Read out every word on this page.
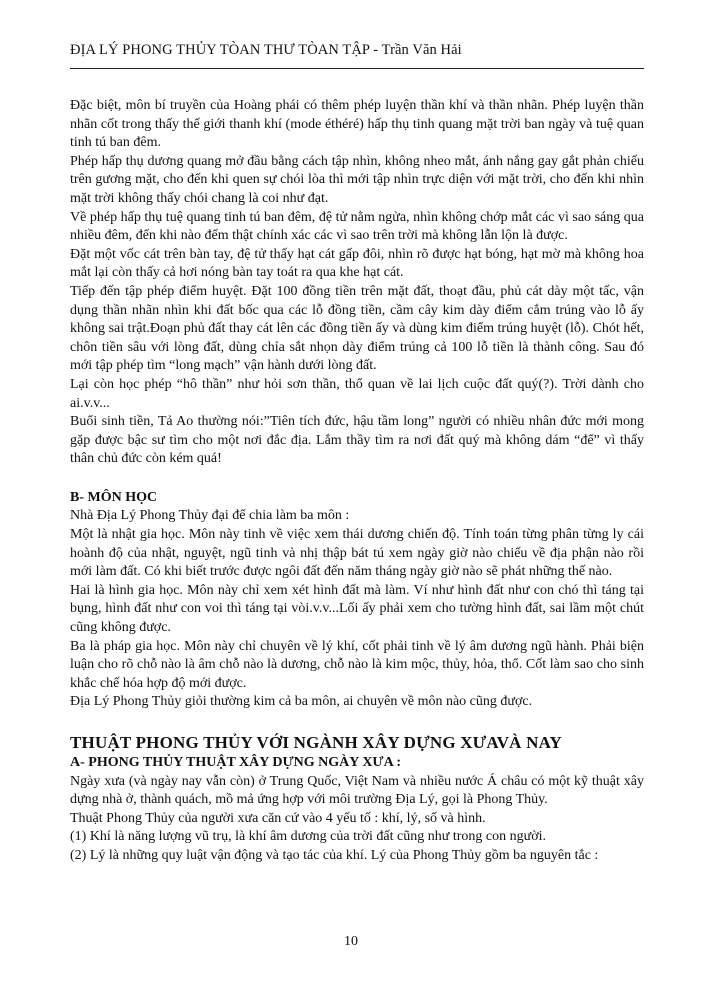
ĐỊA LÝ PHONG THỦY TÒAN THƯ TÒAN TẬP - Trần Văn Hải

Đặc biệt, môn bí truyền của Hoàng phái có thêm phép luyện thần khí và thần nhãn. Phép luyện thần nhãn cốt trong thấy thế giới thanh khí (mode éthéré) hấp thụ tinh quang mặt trời ban ngày và tuệ quan tinh tú ban đêm.

Phép hấp thụ dương quang mở đầu bằng cách tập nhìn, không nheo mắt, ánh nắng gay gắt phản chiếu trên gương mặt, cho đến khi quen sự chói lòa thì mới tập nhìn trực diện với mặt trời, cho đến khi nhìn mặt trời không thấy chói chang là coi như đạt.

Về phép hấp thụ tuệ quang tinh tú ban đêm, đệ tử nằm ngửa, nhìn không chớp mắt các vì sao sáng qua nhiều đêm, đến khi nào đếm thật chính xác các vì sao trên trời mà không lẫn lộn là được.

Đặt một vốc cát trên bàn tay, đệ tử thấy hạt cát gấp đôi, nhìn rõ được hạt bóng, hạt mờ mà không hoa mắt lại còn thấy cả hơi nóng bàn tay toát ra qua khe hạt cát.

Tiếp đến tập phép điểm huyệt. Đặt 100 đồng tiền trên mặt đất, thoạt đầu, phủ cát dày một tấc, vận dụng thần nhãn nhìn khi đất bốc qua các lỗ đồng tiền, cầm cây kim dày điểm cắm trúng vào lỗ ấy không sai trật.Đoạn phủ đất thay cát lên các đồng tiền ấy và dùng kim điểm trúng huyệt (lỗ). Chót hết, chôn tiền sâu với lòng đất, dùng chỉa sắt nhọn dày điểm trúng cả 100 lỗ tiền là thành công. Sau đó mới tập phép tìm “long mạch” vận hành dưới lòng đất.

Lại còn học phép “hô thần” như hỏi sơn thần, thổ quan về lai lịch cuộc đất quý(?). Trời dành cho ai.v.v...

Buổi sinh tiền, Tả Ao thường nói:”Tiên tích đức, hậu tầm long” người có nhiều nhân đức mới mong gặp được bậc sư tìm cho một nơi đắc địa. Lắm thầy tìm ra nơi đất quý mà không dám “để” vì thấy thân chủ đức còn kém quá!

B- MÔN HỌC

Nhà Địa Lý Phong Thủy đại để chia làm ba môn :

Một là nhật gia học. Môn này tinh về việc xem thái dương chiến độ. Tính toán từng phân từng ly cái hoành độ của nhật, nguyệt, ngũ tinh và nhị thập bát tú xem ngày giờ nào chiếu về địa phận nào rồi mới làm đất. Có khi biết trước được ngôi đất đến năm tháng ngày giờ nào sẽ phát những thế nào.

Hai là hình gia học. Môn này chỉ xem xét hình đất mà làm. Ví như hình đất như con chó thì táng tại bụng, hình đất như con voi thì táng tại vòi.v.v...Lối ấy phải xem cho tường hình đất, sai lầm một chút cũng không được.

Ba là pháp gia học. Môn này chỉ chuyên về lý khí, cốt phải tinh về lý âm dương ngũ hành. Phải biện luận cho rõ chỗ nào là âm chỗ nào là dương, chỗ nào là kim mộc, thủy, hỏa, thổ. Cốt làm sao cho sinh khắc chế hóa hợp độ mới được.

Địa Lý Phong Thủy giỏi thường kim cả ba môn, ai chuyên về môn nào cũng được.

THUẬT PHONG THỦY VỚI NGÀNH XÂY DỰNG XƯAVÀ NAY

A- PHONG THỦY THUẬT XÂY DỰNG NGÀY XƯA :

Ngày xưa (và ngày nay vẫn còn) ở Trung Quốc, Việt Nam và nhiều nước Á châu có một kỹ thuật xây dựng nhà ở, thành quách, mồ mả ứng hợp với môi trường Địa Lý, gọi là Phong Thủy.

Thuật Phong Thủy của người xưa căn cứ vào 4 yếu tố : khí, lý, số và hình.

(1) Khí là năng lượng vũ trụ, là khí âm dương của trời đất cũng như trong con người.

(2) Lý là những quy luật vận động và tạo tác của khí. Lý của Phong Thủy gồm ba nguyên tắc :

10
